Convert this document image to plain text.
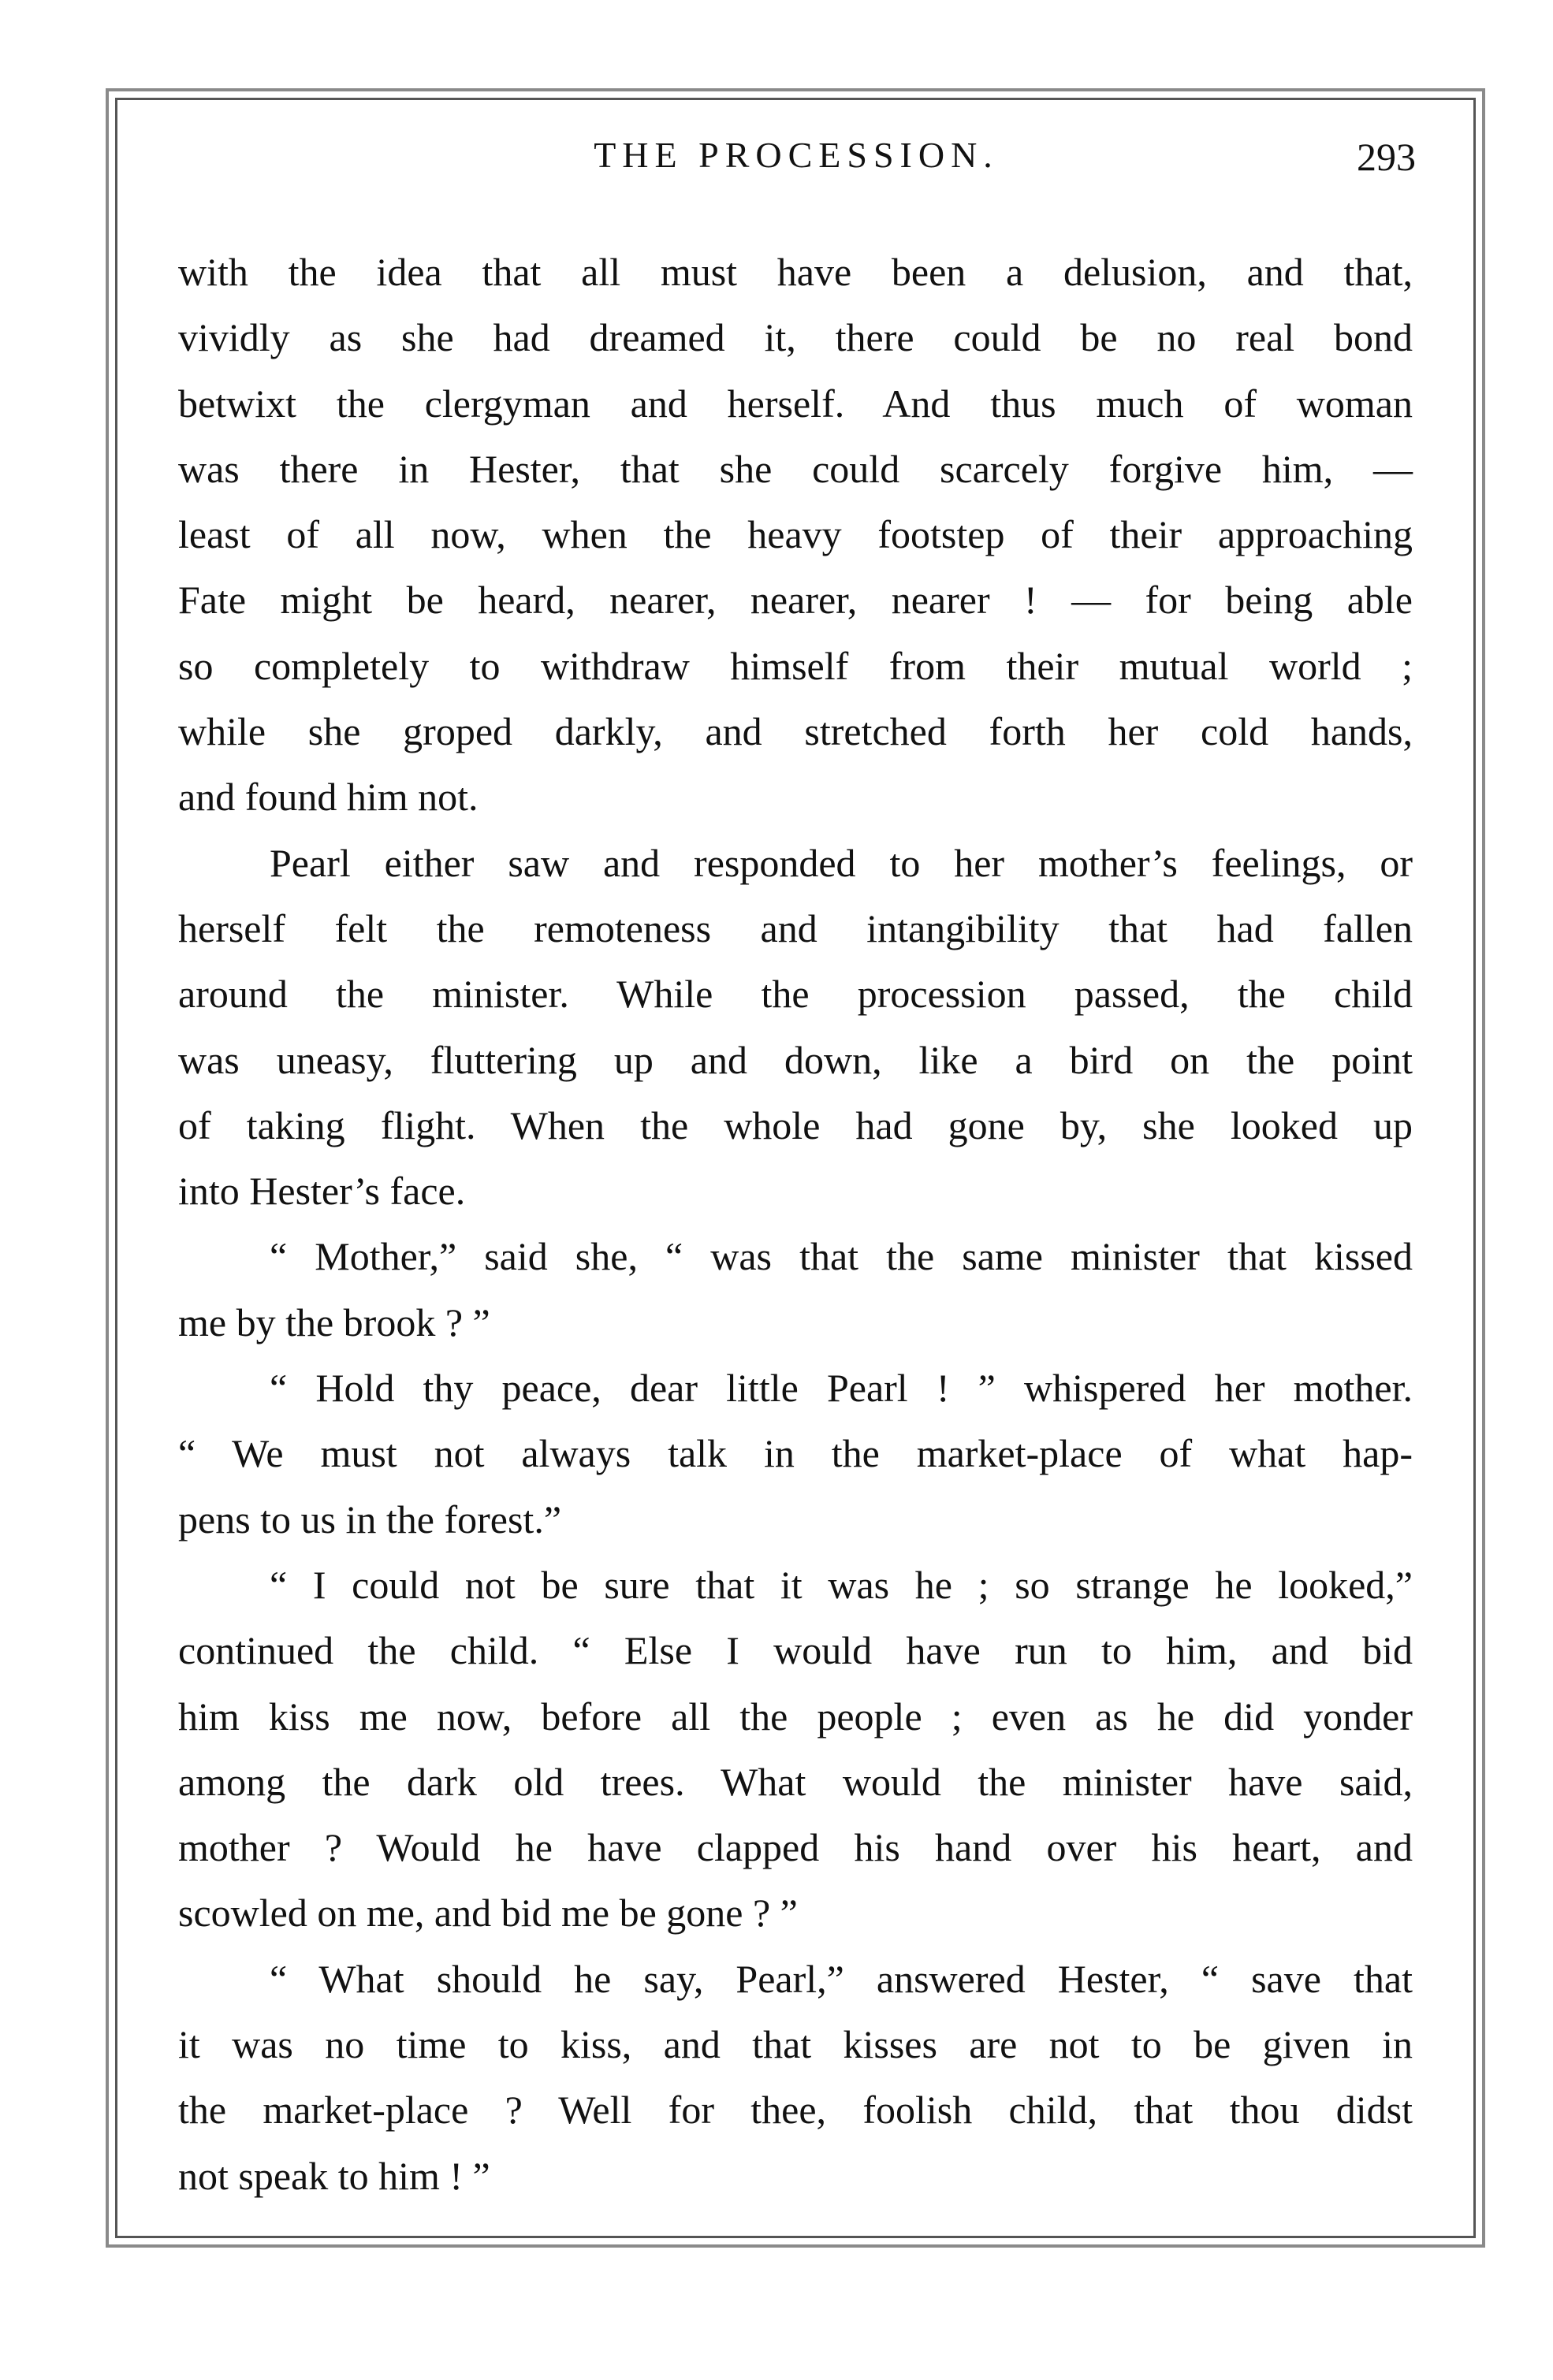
THE PROCESSION.	293
with the idea that all must have been a delusion, and that,
vividly as she had dreamed it, there could be no real bond
betwixt the clergyman and herself. And thus much of woman
was there in Hester, that she could scarcely forgive him, —
least of all now, when the heavy footstep of their approaching
Fate might be heard, nearer, nearer, nearer ! — for being able
so completely to withdraw himself from their mutual world ;
while she groped darkly, and stretched forth her cold hands,
and found him not.
Pearl either saw and responded to her mother’s feelings, or
herself felt the remoteness and intangibility that had fallen
around the minister. While the procession passed, the child
was uneasy, fluttering up and down, like a bird on the point
of taking flight. When the whole had gone by, she looked up
into Hester’s face.
“ Mother,” said she, “ was that the same minister that kissed
me by the brook ? ”
“ Hold thy peace, dear little Pearl ! ” whispered her mother.
“ We must not always talk in the market-place of what hap-
pens to us in the forest.”
“ I could not be sure that it was he ; so strange he looked,”
continued the child. “ Else I would have run to him, and bid
him kiss me now, before all the people ; even as he did yonder
among the dark old trees. What would the minister have said,
mother ? Would he have clapped his hand over his heart, and
scowled on me, and bid me be gone ? ”
“ What should he say, Pearl,” answered Hester, “ save that
it was no time to kiss, and that kisses are not to be given in
the market-place ? Well for thee, foolish child, that thou didst
not speak to him ! ”
